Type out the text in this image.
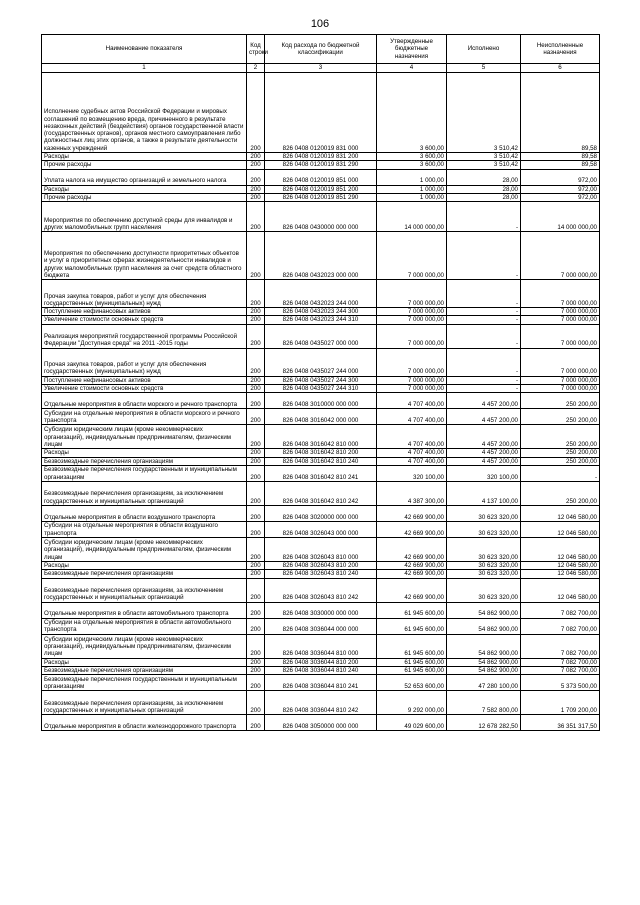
106
Наименование показателя	Код строки	Код расхода по бюджетной классификации	Утвержденные бюджетные назначения	Исполнено	Неисполненные назначения
1	2	3	4	5	6
Исполнение судебных актов Российской Федерации и мировых соглашений по возмещению вреда, причиненного в результате незаконных действий (бездействия) органов государственной власти (государственных органов), органов местного самоуправления либо должностных лиц этих органов, а также в результате деятельности казенных учреждений	200	826 0408 0120019 831 000	3 600,00	3 510,42	89,58
Расходы	200	826 0408 0120019 831 200	3 600,00	3 510,42	89,58
Прочие расходы	200	826 0408 0120019 831 290	3 600,00	3 510,42	89,58
Уплата налога на имущество организаций и земельного налога	200	826 0408 0120019 851 000	1 000,00	28,00	972,00
Расходы	200	826 0408 0120019 851 200	1 000,00	28,00	972,00
Прочие расходы	200	826 0408 0120019 851 290	1 000,00	28,00	972,00
Мероприятия по обеспечению доступной среды для инвалидов и других маломобильных групп населения	200	826 0408 0430000 000 000	14 000 000,00	-	14 000 000,00
Мероприятия по обеспечению доступности приоритетных объектов и услуг в приоритетных сферах жизнедеятельности инвалидов и других маломобильных групп населения за счет средств областного бюджета	200	826 0408 0432023 000 000	7 000 000,00	-	7 000 000,00
Прочая закупка товаров, работ и услуг для обеспечения государственных (муниципальных) нужд	200	826 0408 0432023 244 000	7 000 000,00	-	7 000 000,00
Поступление нефинансовых активов	200	826 0408 0432023 244 300	7 000 000,00	-	7 000 000,00
Увеличение стоимости основных средств	200	826 0408 0432023 244 310	7 000 000,00	-	7 000 000,00
Реализация мероприятий государственной программы Российской Федерации "Доступная среда" на 2011 -2015 годы	200	826 0408 0435027 000 000	7 000 000,00	-	7 000 000,00
Прочая закупка товаров, работ и услуг для обеспечения государственных (муниципальных) нужд	200	826 0408 0435027 244 000	7 000 000,00	-	7 000 000,00
Поступление нефинансовых активов	200	826 0408 0435027 244 300	7 000 000,00	-	7 000 000,00
Увеличение стоимости основных средств	200	826 0408 0435027 244 310	7 000 000,00	-	7 000 000,00
Отдельные мероприятия в области морского и речного транспорта	200	826 0408 3010000 000 000	4 707 400,00	4 457 200,00	250 200,00
Субсидии на отдельные мероприятия в области морского и речного транспорта	200	826 0408 3016042 000 000	4 707 400,00	4 457 200,00	250 200,00
Субсидии юридическим лицам (кроме некоммерческих организаций), индивидуальным предпринимателям, физическим лицам	200	826 0408 3016042 810 000	4 707 400,00	4 457 200,00	250 200,00
Расходы	200	826 0408 3016042 810 200	4 707 400,00	4 457 200,00	250 200,00
Безвозмездные перечисления организациям	200	826 0408 3016042 810 240	4 707 400,00	4 457 200,00	250 200,00
Безвозмездные перечисления государственным и муниципальным организациям	200	826 0408 3016042 810 241	320 100,00	320 100,00	-
Безвозмездные перечисления организациям, за исключением государственных и муниципальных организаций	200	826 0408 3016042 810 242	4 387 300,00	4 137 100,00	250 200,00
Отдельные мероприятия в области воздушного транспорта	200	826 0408 3020000 000 000	42 669 900,00	30 623 320,00	12 046 580,00
Субсидии на отдельные мероприятия в области воздушного транспорта	200	826 0408 3026043 000 000	42 669 900,00	30 623 320,00	12 046 580,00
Субсидии юридическим лицам (кроме некоммерческих организаций), индивидуальным предпринимателям, физическим лицам	200	826 0408 3026043 810 000	42 669 900,00	30 623 320,00	12 046 580,00
Расходы	200	826 0408 3026043 810 200	42 669 900,00	30 623 320,00	12 046 580,00
Безвозмездные перечисления организациям	200	826 0408 3026043 810 240	42 669 900,00	30 623 320,00	12 046 580,00
Безвозмездные перечисления организациям, за исключением государственных и муниципальных организаций	200	826 0408 3026043 810 242	42 669 900,00	30 623 320,00	12 046 580,00
Отдельные мероприятия в области автомобильного транспорта	200	826 0408 3030000 000 000	61 945 600,00	54 862 900,00	7 082 700,00
Субсидии на отдельные мероприятия в области автомобильного транспорта	200	826 0408 3036044 000 000	61 945 600,00	54 862 900,00	7 082 700,00
Субсидии юридическим лицам (кроме некоммерческих организаций), индивидуальным предпринимателям, физическим лицам	200	826 0408 3036044 810 000	61 945 600,00	54 862 900,00	7 082 700,00
Расходы	200	826 0408 3036044 810 200	61 945 600,00	54 862 900,00	7 082 700,00
Безвозмездные перечисления организациям	200	826 0408 3036044 810 240	61 945 600,00	54 862 900,00	7 082 700,00
Безвозмездные перечисления государственным и муниципальным организациям	200	826 0408 3036044 810 241	52 653 600,00	47 280 100,00	5 373 500,00
Безвозмездные перечисления организациям, за исключением государственных и муниципальных организаций	200	826 0408 3036044 810 242	9 292 000,00	7 582 800,00	1 709 200,00
Отдельные мероприятия в области железнодорожного транспорта	200	826 0408 3050000 000 000	49 029 600,00	12 678 282,50	36 351 317,50
